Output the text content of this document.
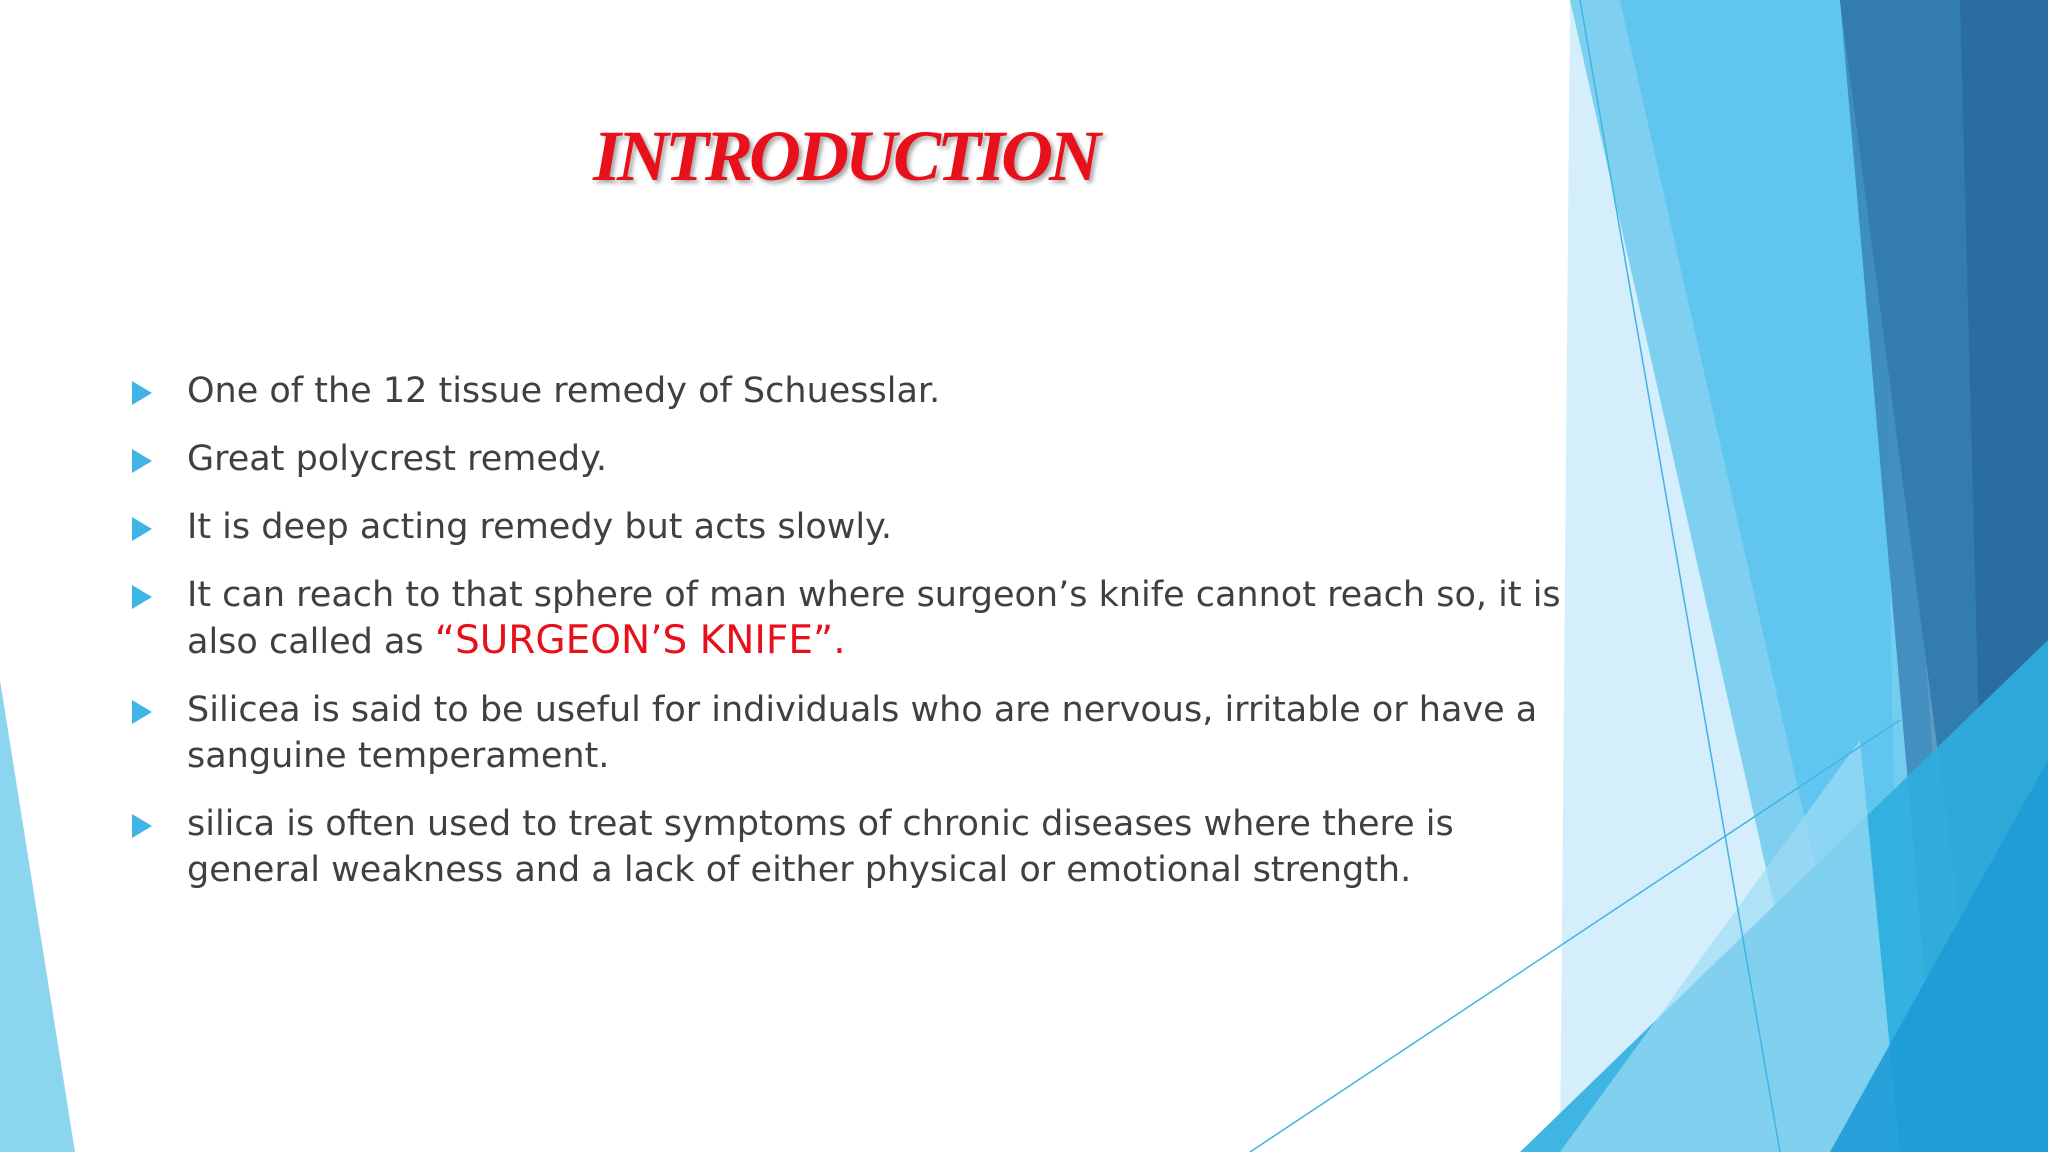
INTRODUCTION
One of the 12 tissue remedy of Schuesslar.
Great polycrest remedy.
It is deep acting remedy but acts slowly.
It can reach to that sphere of man where surgeon’s knife cannot reach so, it is also called as “SURGEON’S KNIFE”.
Silicea is said to be useful for individuals who are nervous, irritable or have a sanguine temperament.
silica is often used to treat symptoms of chronic diseases where there is general weakness and a lack of either physical or emotional strength.
